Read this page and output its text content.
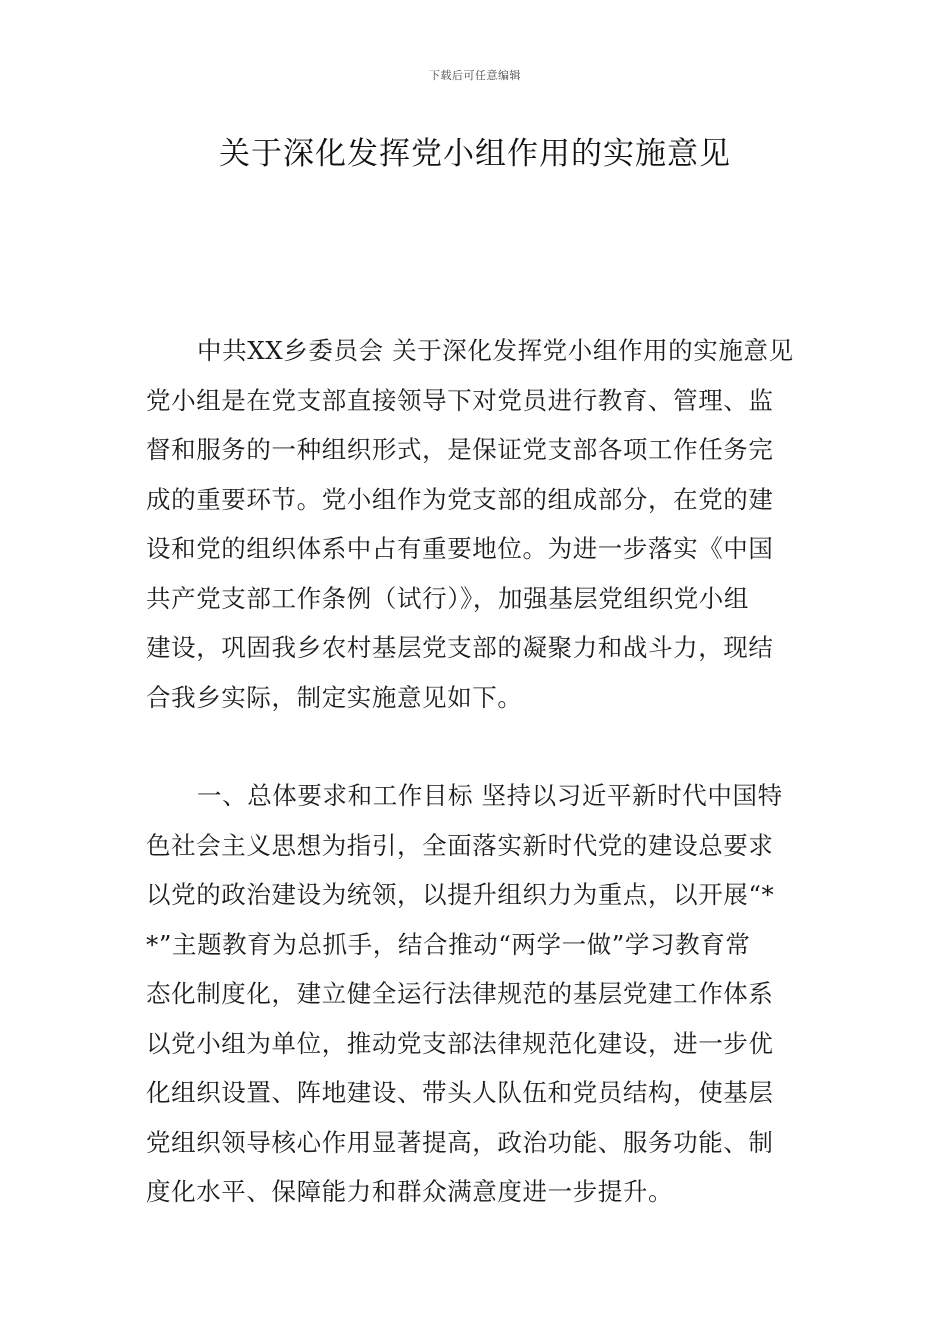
下载后可任意编辑
关于深化发挥党小组作用的实施意见
中共XX乡委员会 关于深化发挥党小组作用的实施意见
党小组是在党支部直接领导下对党员进行教育、管理、监
督和服务的一种组织形式，是保证党支部各项工作任务完
成的重要环节。党小组作为党支部的组成部分，在党的建
设和党的组织体系中占有重要地位。为进一步落实《中国
共产党支部工作条例（试行）》，加强基层党组织党小组
建设，巩固我乡农村基层党支部的凝聚力和战斗力，现结
合我乡实际，制定实施意见如下。
一、总体要求和工作目标 坚持以习近平新时代中国特
色社会主义思想为指引，全面落实新时代党的建设总要求
以党的政治建设为统领，以提升组织力为重点，以开展“*
*”主题教育为总抓手，结合推动“两学一做”学习教育常
态化制度化，建立健全运行法律规范的基层党建工作体系
以党小组为单位，推动党支部法律规范化建设，进一步优
化组织设置、阵地建设、带头人队伍和党员结构，使基层
党组织领导核心作用显著提高，政治功能、服务功能、制
度化水平、保障能力和群众满意度进一步提升。
